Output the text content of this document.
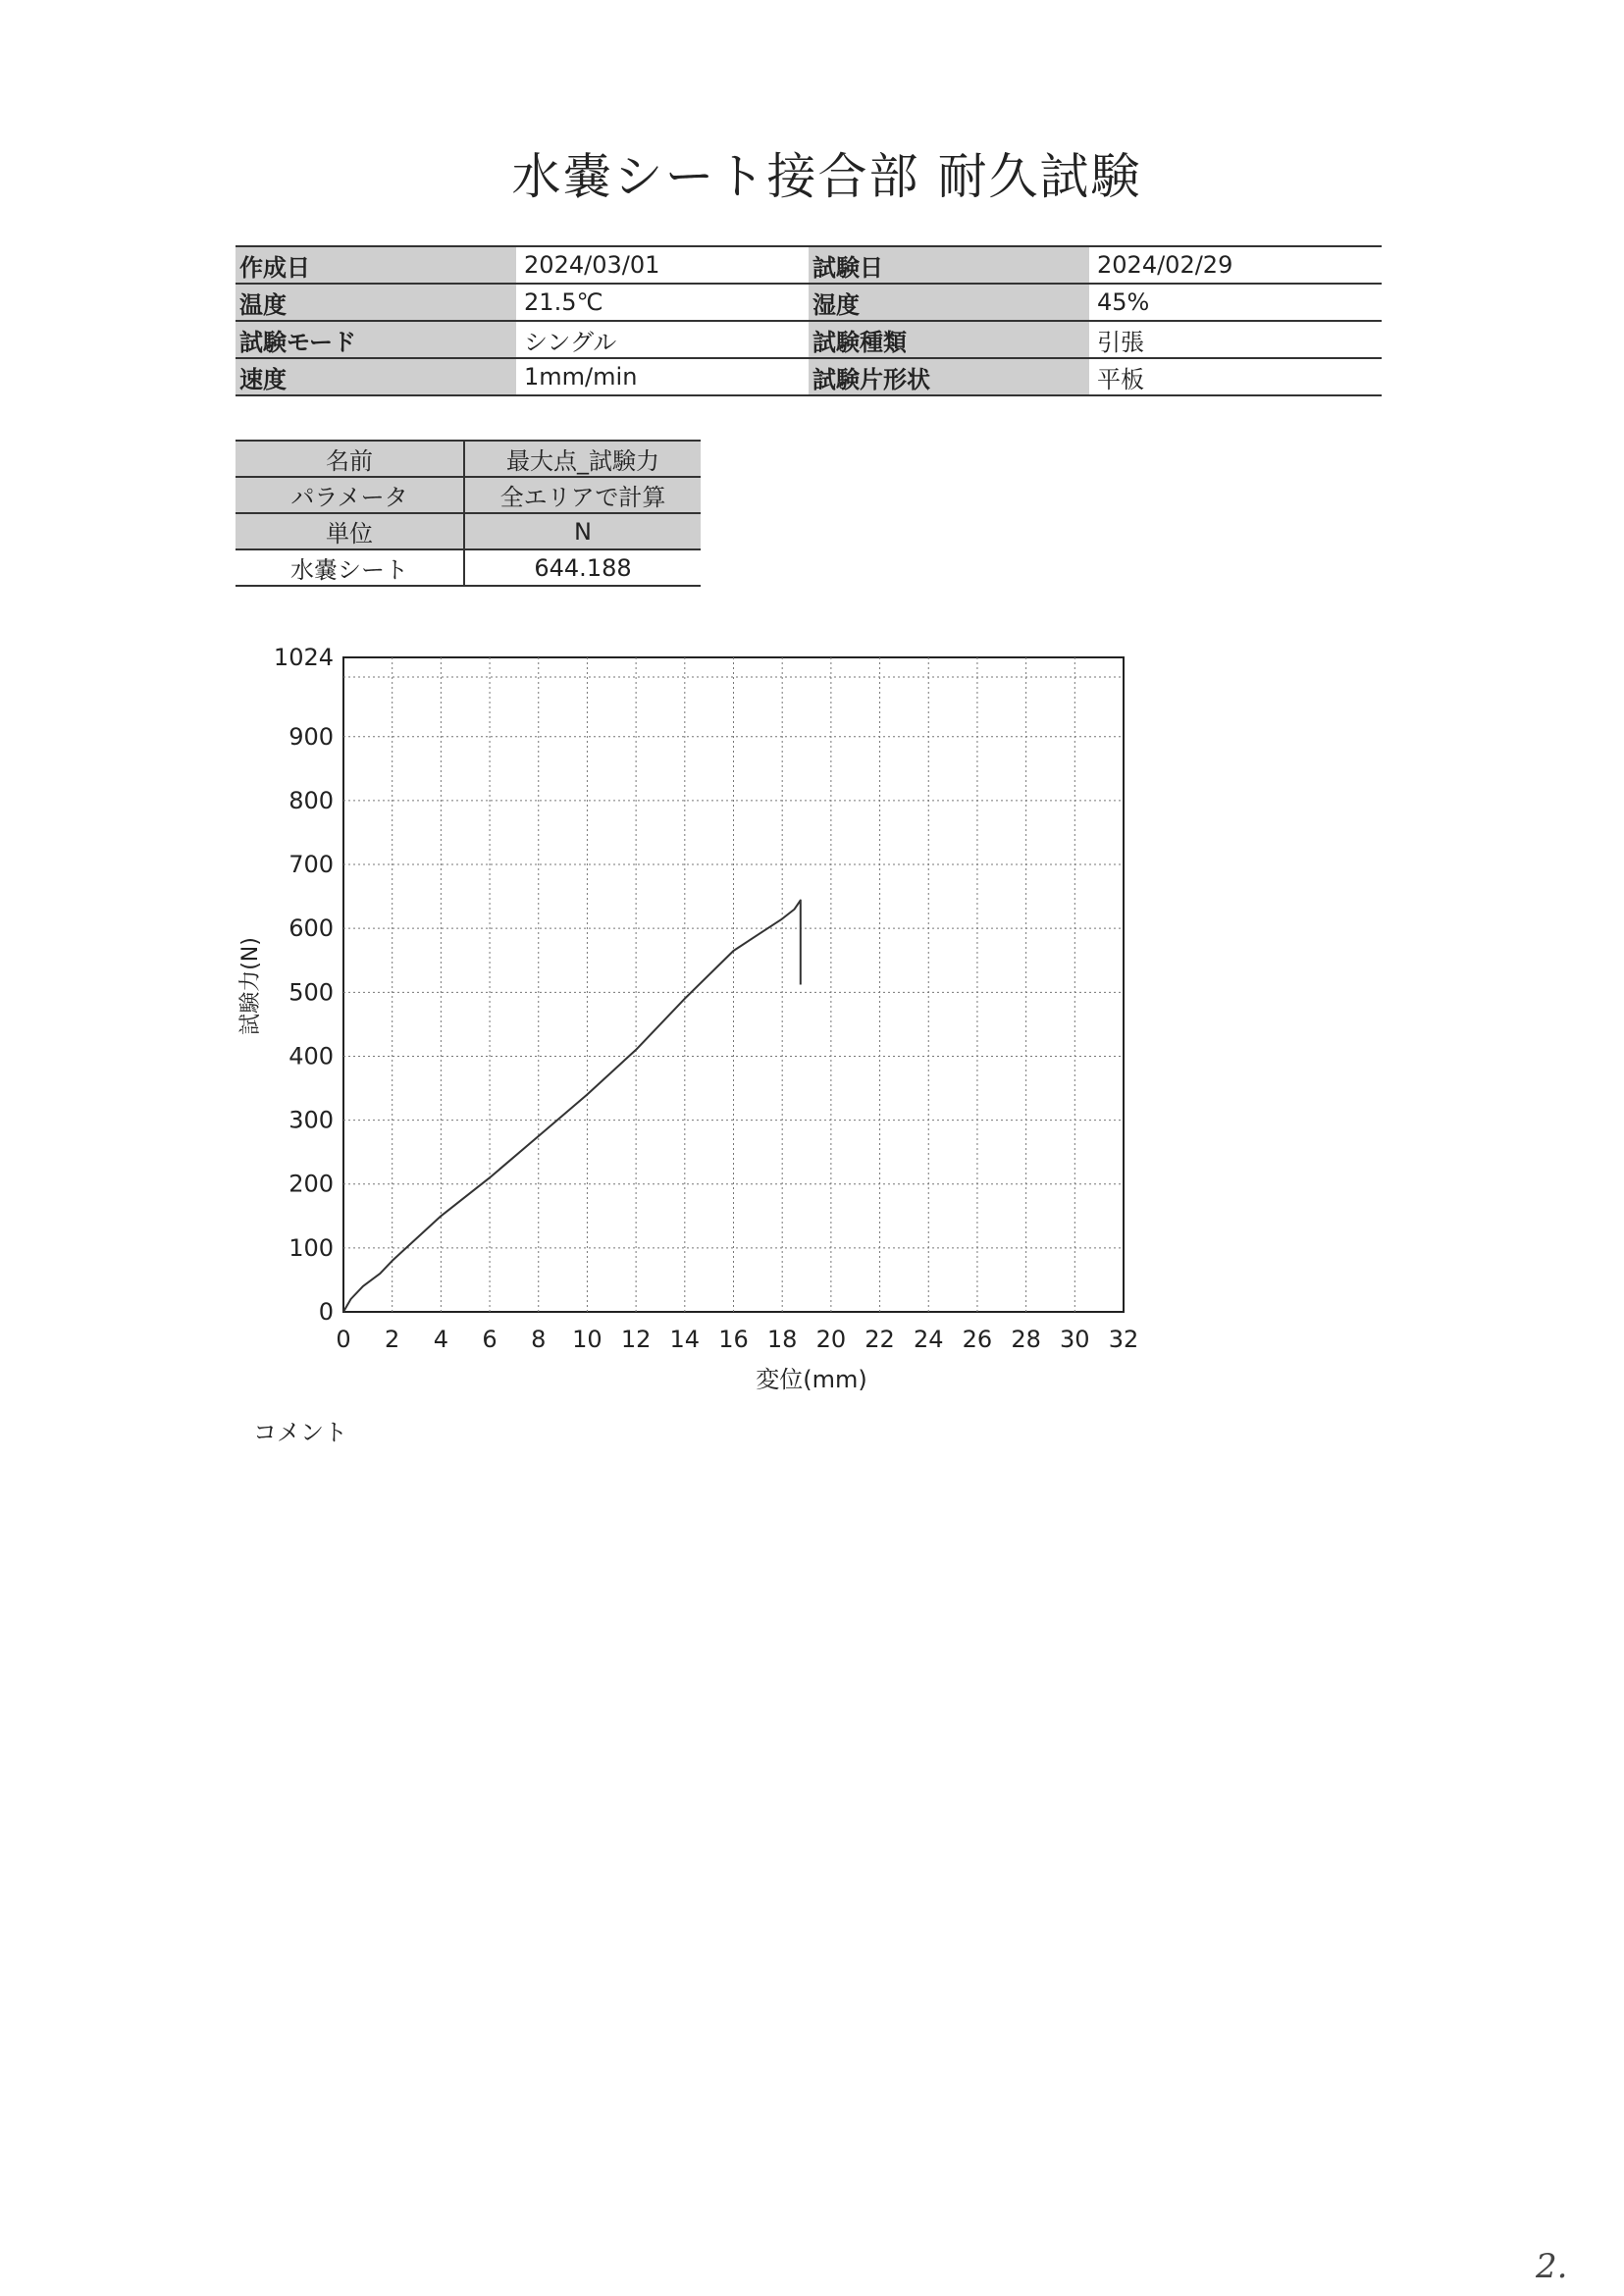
水嚢シート接合部 耐久試験
作成日	2024/03/01	試験日	2024/02/29
温度	21.5℃	湿度	45%
試験モード	シングル	試験種類	引張
速度	1mm/min	試験片形状	平板
名前	最大点_試験力
パラメータ	全エリアで計算
単位	N
水嚢シート	644.188
0 2 4 6 8 10 12 14 16 18 20 22 24 26 28 30 32
0
100
200
300
400
500
600
700
800
900
1024
変位(mm)
試験力(N)
コメント
2.
